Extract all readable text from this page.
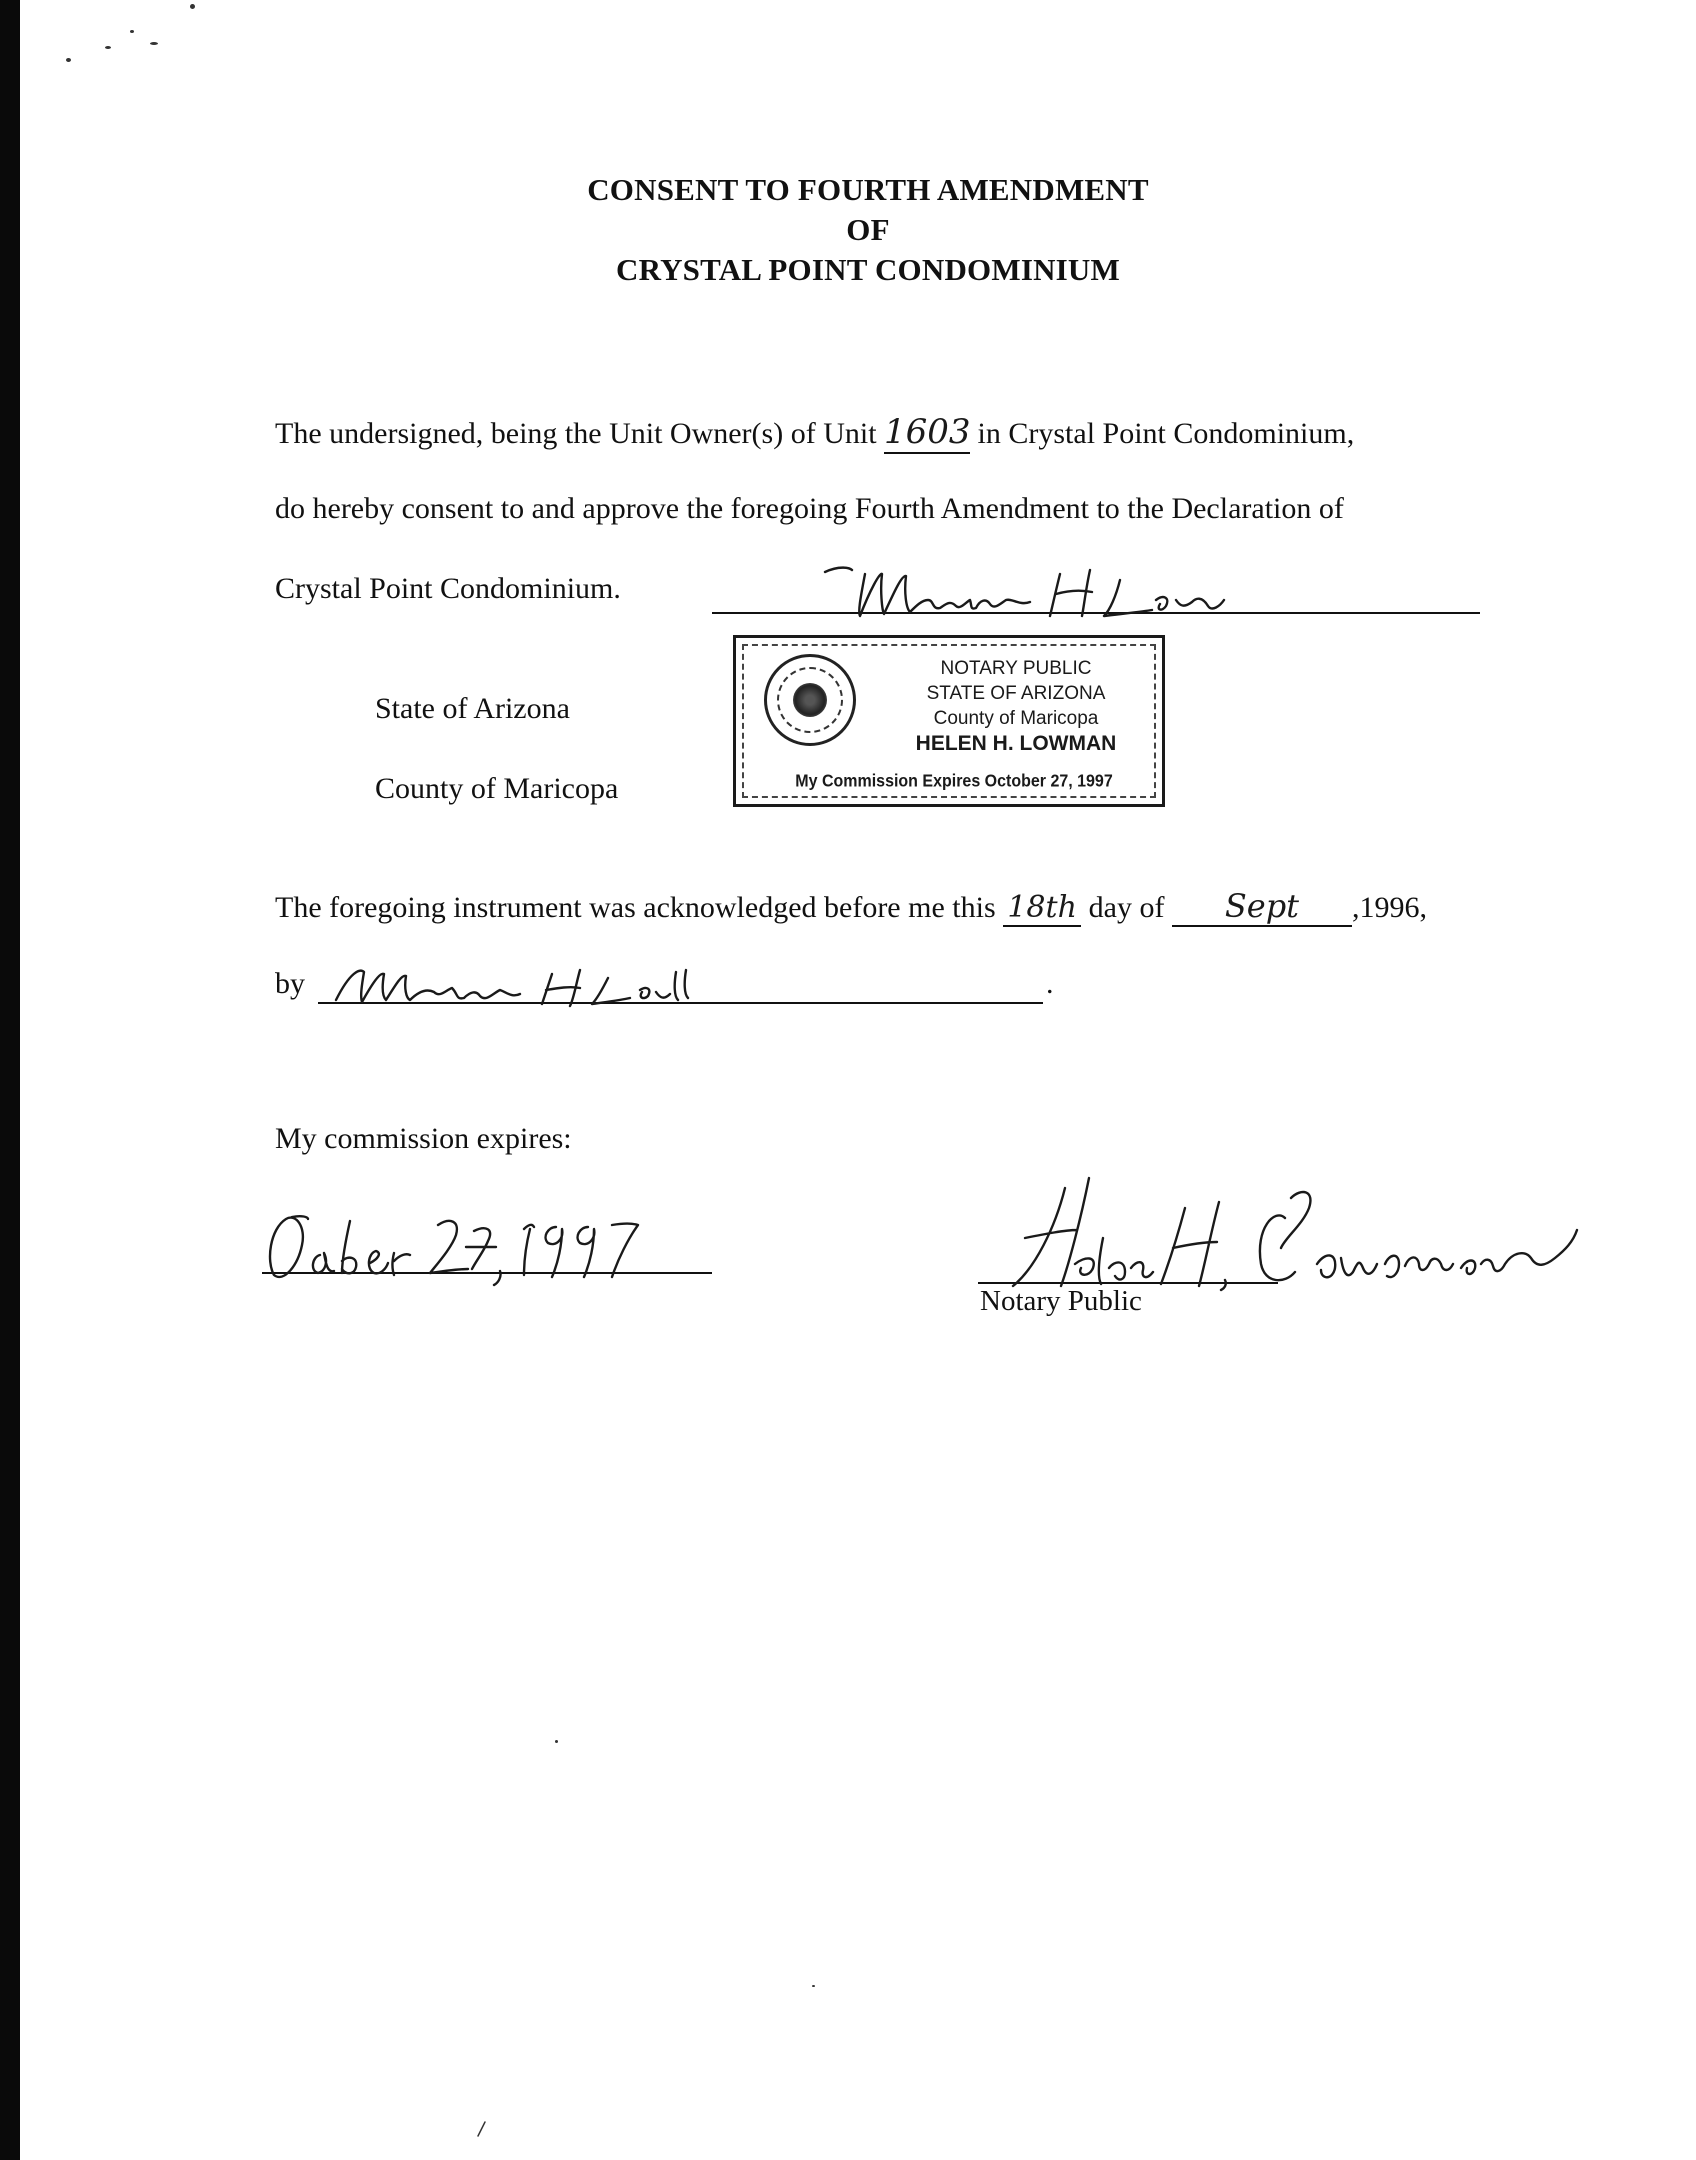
CONSENT TO FOURTH AMENDMENT
OF
CRYSTAL POINT CONDOMINIUM
The undersigned, being the Unit Owner(s) of Unit 1603 in Crystal Point Condominium,
do hereby consent to and approve the foregoing Fourth Amendment to the Declaration of
Crystal Point Condominium.
State of Arizona
County of Maricopa
NOTARY PUBLIC
STATE OF ARIZONA
County of Maricopa
HELEN H. LOWMAN
My Commission Expires October 27, 1997
The foregoing instrument was acknowledged before me this 18th day of Sept ,1996,
by	.
My commission expires:
Notary Public
